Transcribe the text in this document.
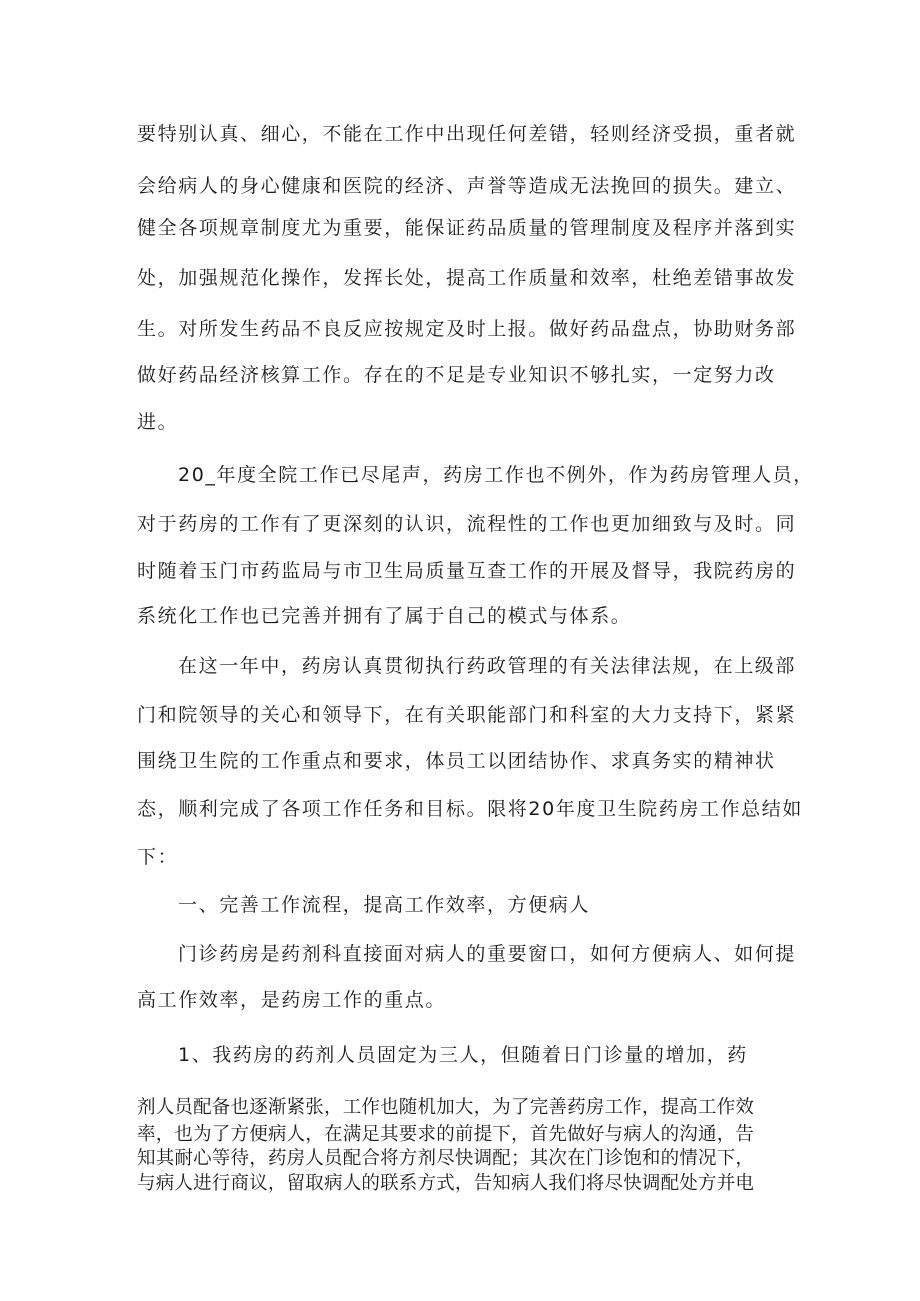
要特别认真、细心，不能在工作中出现任何差错，轻则经济受损，重者就
会给病人的身心健康和医院的经济、声誉等造成无法挽回的损失。建立、
健全各项规章制度尤为重要，能保证药品质量的管理制度及程序并落到实
处，加强规范化操作，发挥长处，提高工作质量和效率，杜绝差错事故发
生。对所发生药品不良反应按规定及时上报。做好药品盘点，协助财务部
做好药品经济核算工作。存在的不足是专业知识不够扎实，一定努力改
进。
20_年度全院工作已尽尾声，药房工作也不例外，作为药房管理人员，
对于药房的工作有了更深刻的认识，流程性的工作也更加细致与及时。同
时随着玉门市药监局与市卫生局质量互查工作的开展及督导，我院药房的
系统化工作也已完善并拥有了属于自己的模式与体系。
在这一年中，药房认真贯彻执行药政管理的有关法律法规，在上级部
门和院领导的关心和领导下，在有关职能部门和科室的大力支持下，紧紧
围绕卫生院的工作重点和要求，体员工以团结协作、求真务实的精神状
态，顺利完成了各项工作任务和目标。限将20年度卫生院药房工作总结如
下：
一、完善工作流程，提高工作效率，方便病人
门诊药房是药剂科直接面对病人的重要窗口，如何方便病人、如何提
高工作效率，是药房工作的重点。
1、我药房的药剂人员固定为三人，但随着日门诊量的增加，药
剂人员配备也逐渐紧张，工作也随机加大，为了完善药房工作，提高工作效
率，也为了方便病人，在满足其要求的前提下，首先做好与病人的沟通，告
知其耐心等待，药房人员配合将方剂尽快调配；其次在门诊饱和的情况下，
与病人进行商议，留取病人的联系方式，告知病人我们将尽快调配处方并电
